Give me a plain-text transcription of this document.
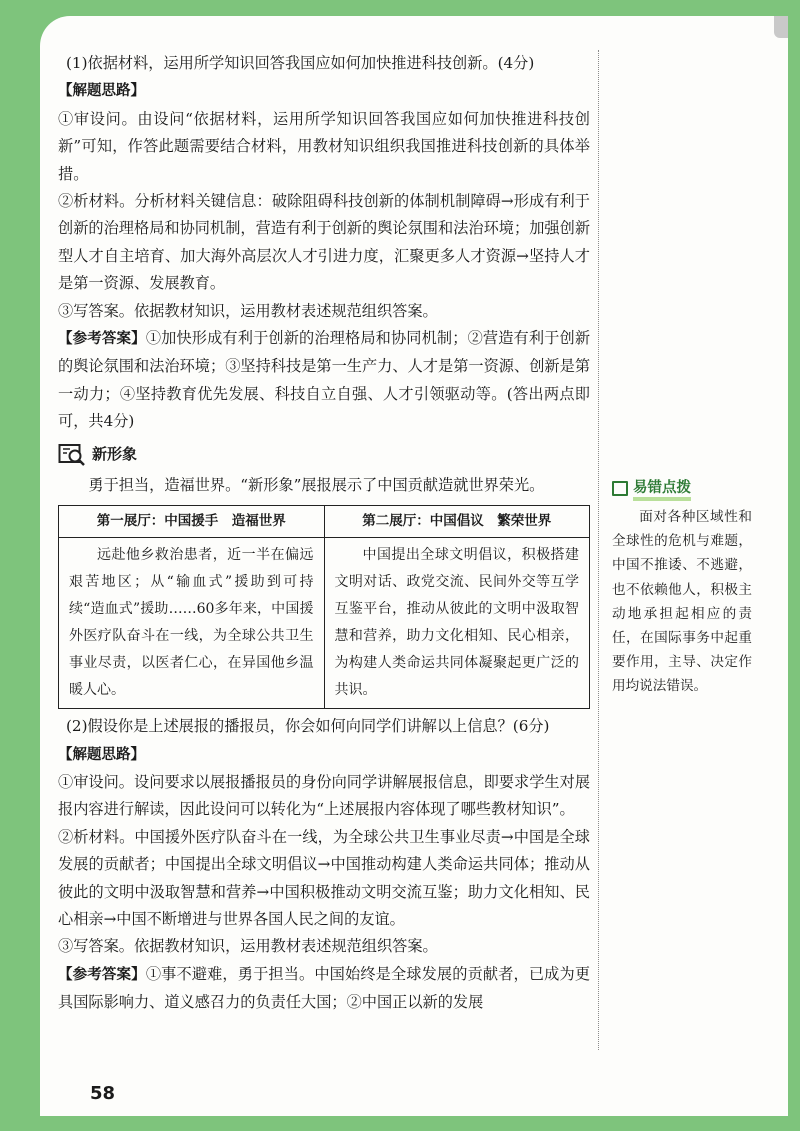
(1)依据材料，运用所学知识回答我国应如何加快推进科技创新。(4分)

【解题思路】

①审设问。由设问“依据材料，运用所学知识回答我国应如何加快推进科技创新”可知，作答此题需要结合材料，用教材知识组织我国推进科技创新的具体举措。

②析材料。分析材料关键信息：破除阻碍科技创新的体制机制障碍→形成有利于创新的治理格局和协同机制，营造有利于创新的舆论氛围和法治环境；加强创新型人才自主培育、加大海外高层次人才引进力度，汇聚更多人才资源→坚持人才是第一资源、发展教育。

③写答案。依据教材知识，运用教材表述规范组织答案。

【参考答案】①加快形成有利于创新的治理格局和协同机制；②营造有利于创新的舆论氛围和法治环境；③坚持科技是第一生产力、人才是第一资源、创新是第一动力；④坚持教育优先发展、科技自立自强、人才引领驱动等。(答出两点即可，共4分)

新形象

勇于担当，造福世界。“新形象”展报展示了中国贡献造就世界荣光。

第一展厅：中国援手　造福世界	第二展厅：中国倡议　繁荣世界
远赴他乡救治患者，近一半在偏远艰苦地区；从“输血式”援助到可持续“造血式”援助……60多年来，中国援外医疗队奋斗在一线，为全球公共卫生事业尽责，以医者仁心，在异国他乡温暖人心。	中国提出全球文明倡议，积极搭建文明对话、政党交流、民间外交等互学互鉴平台，推动从彼此的文明中汲取智慧和营养，助力文化相知、民心相亲，为构建人类命运共同体凝聚起更广泛的共识。

(2)假设你是上述展报的播报员，你会如何向同学们讲解以上信息？(6分)

【解题思路】

①审设问。设问要求以展报播报员的身份向同学讲解展报信息，即要求学生对展报内容进行解读，因此设问可以转化为“上述展报内容体现了哪些教材知识”。

②析材料。中国援外医疗队奋斗在一线，为全球公共卫生事业尽责→中国是全球发展的贡献者；中国提出全球文明倡议→中国推动构建人类命运共同体；推动从彼此的文明中汲取智慧和营养→中国积极推动文明交流互鉴；助力文化相知、民心相亲→中国不断增进与世界各国人民之间的友谊。

③写答案。依据教材知识，运用教材表述规范组织答案。

【参考答案】①事不避难，勇于担当。中国始终是全球发展的贡献者，已成为更具国际影响力、道义感召力的负责任大国；②中国正以新的发展

易错点拨
面对各种区域性和全球性的危机与难题，中国不推诿、不逃避，也不依赖他人，积极主动地承担起相应的责任，在国际事务中起重要作用，主导、决定作用均说法错误。
58
